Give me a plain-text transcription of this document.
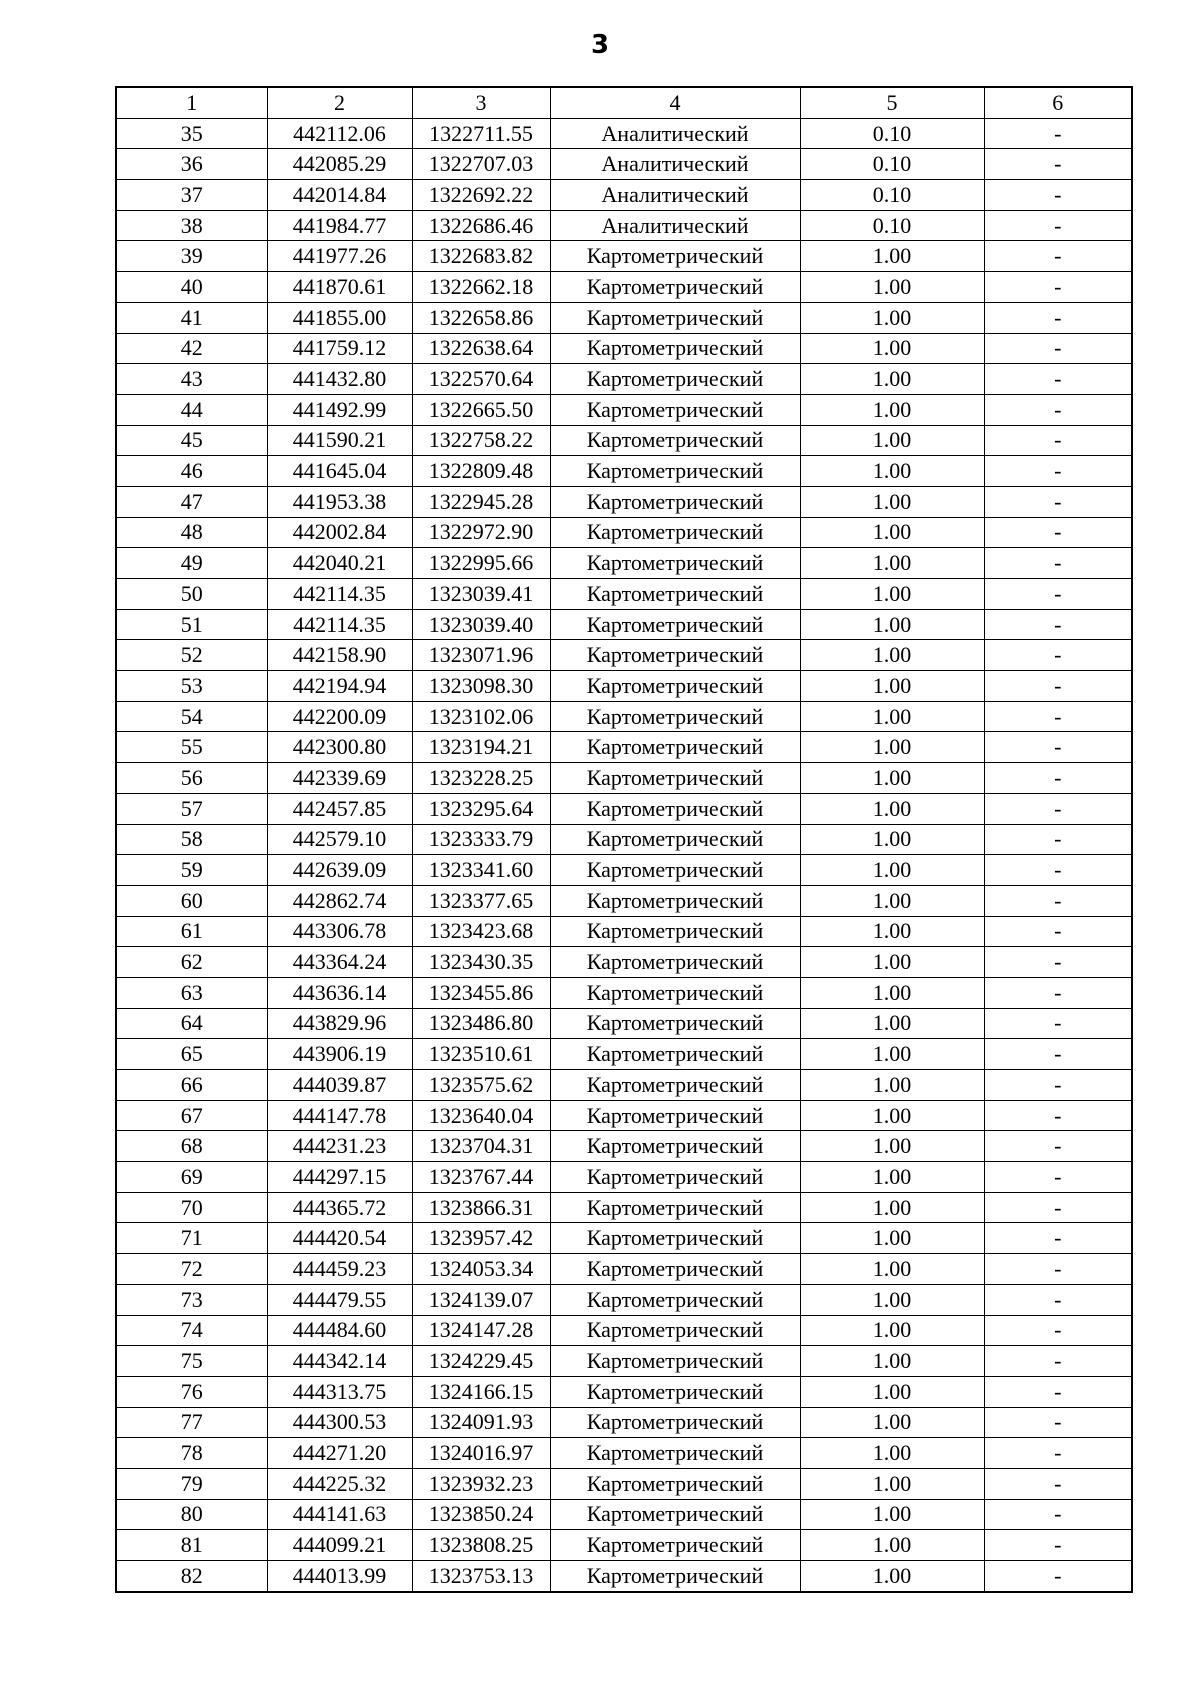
3
1	2	3	4	5	6
35	442112.06	1322711.55	Аналитический	0.10	-
36	442085.29	1322707.03	Аналитический	0.10	-
37	442014.84	1322692.22	Аналитический	0.10	-
38	441984.77	1322686.46	Аналитический	0.10	-
39	441977.26	1322683.82	Картометрический	1.00	-
40	441870.61	1322662.18	Картометрический	1.00	-
41	441855.00	1322658.86	Картометрический	1.00	-
42	441759.12	1322638.64	Картометрический	1.00	-
43	441432.80	1322570.64	Картометрический	1.00	-
44	441492.99	1322665.50	Картометрический	1.00	-
45	441590.21	1322758.22	Картометрический	1.00	-
46	441645.04	1322809.48	Картометрический	1.00	-
47	441953.38	1322945.28	Картометрический	1.00	-
48	442002.84	1322972.90	Картометрический	1.00	-
49	442040.21	1322995.66	Картометрический	1.00	-
50	442114.35	1323039.41	Картометрический	1.00	-
51	442114.35	1323039.40	Картометрический	1.00	-
52	442158.90	1323071.96	Картометрический	1.00	-
53	442194.94	1323098.30	Картометрический	1.00	-
54	442200.09	1323102.06	Картометрический	1.00	-
55	442300.80	1323194.21	Картометрический	1.00	-
56	442339.69	1323228.25	Картометрический	1.00	-
57	442457.85	1323295.64	Картометрический	1.00	-
58	442579.10	1323333.79	Картометрический	1.00	-
59	442639.09	1323341.60	Картометрический	1.00	-
60	442862.74	1323377.65	Картометрический	1.00	-
61	443306.78	1323423.68	Картометрический	1.00	-
62	443364.24	1323430.35	Картометрический	1.00	-
63	443636.14	1323455.86	Картометрический	1.00	-
64	443829.96	1323486.80	Картометрический	1.00	-
65	443906.19	1323510.61	Картометрический	1.00	-
66	444039.87	1323575.62	Картометрический	1.00	-
67	444147.78	1323640.04	Картометрический	1.00	-
68	444231.23	1323704.31	Картометрический	1.00	-
69	444297.15	1323767.44	Картометрический	1.00	-
70	444365.72	1323866.31	Картометрический	1.00	-
71	444420.54	1323957.42	Картометрический	1.00	-
72	444459.23	1324053.34	Картометрический	1.00	-
73	444479.55	1324139.07	Картометрический	1.00	-
74	444484.60	1324147.28	Картометрический	1.00	-
75	444342.14	1324229.45	Картометрический	1.00	-
76	444313.75	1324166.15	Картометрический	1.00	-
77	444300.53	1324091.93	Картометрический	1.00	-
78	444271.20	1324016.97	Картометрический	1.00	-
79	444225.32	1323932.23	Картометрический	1.00	-
80	444141.63	1323850.24	Картометрический	1.00	-
81	444099.21	1323808.25	Картометрический	1.00	-
82	444013.99	1323753.13	Картометрический	1.00	-
